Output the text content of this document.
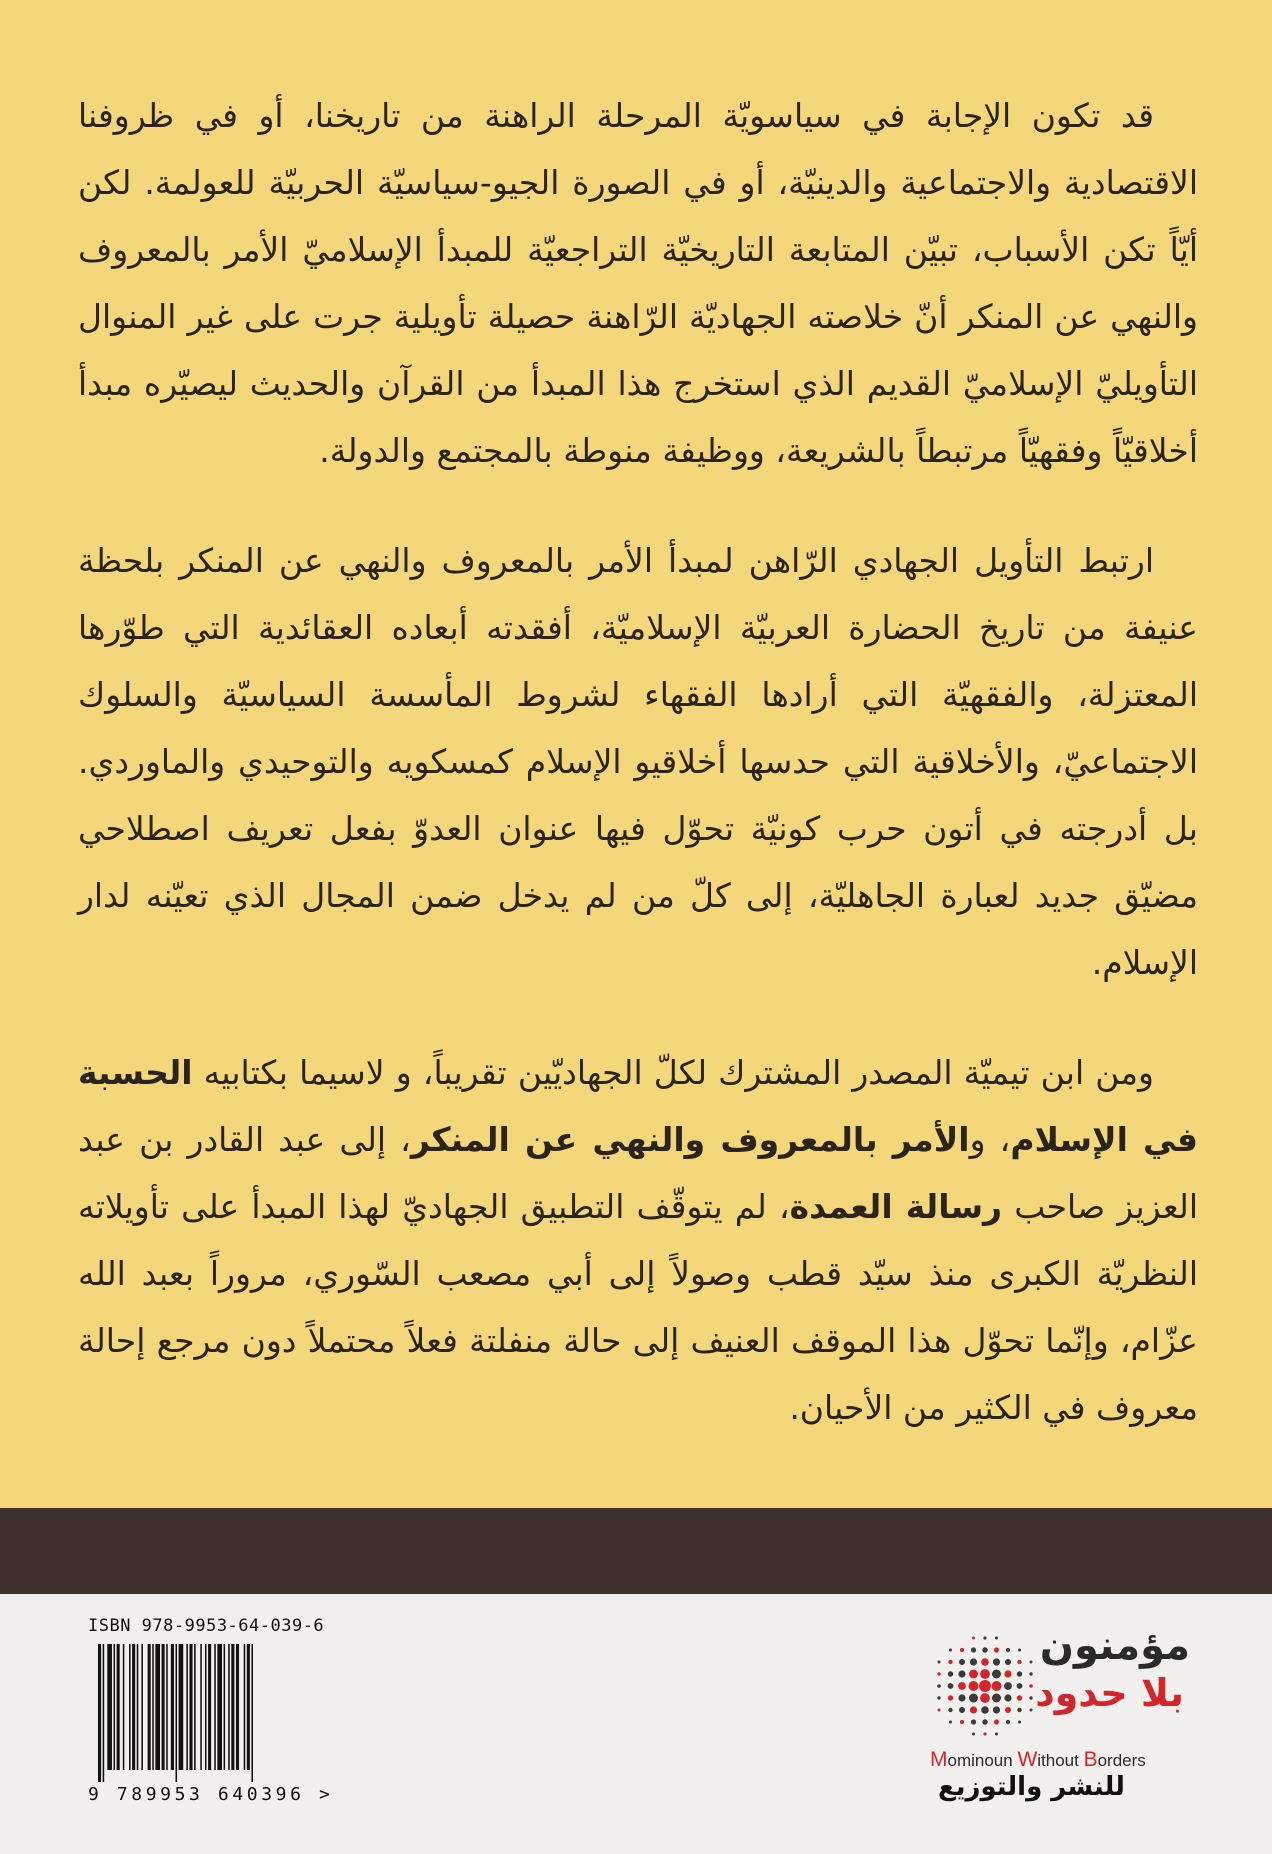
قد تكون الإجابة في سياسويّة المرحلة الراهنة من تاريخنا، أو في ظروفنا الاقتصادية والاجتماعية والدينيّة، أو في الصورة الجيو-سياسيّة الحربيّة للعولمة. لكن أيّاً تكن الأسباب، تبيّن المتابعة التاريخيّة التراجعيّة للمبدأ الإسلاميّ الأمر بالمعروف والنهي عن المنكر أنّ خلاصته الجهاديّة الرّاهنة حصيلة تأويلية جرت على غير المنوال التأويليّ الإسلاميّ القديم الذي استخرج هذا المبدأ من القرآن والحديث ليصيّره مبدأ أخلاقيّاً وفقهيّاً مرتبطاً بالشريعة، ووظيفة منوطة بالمجتمع والدولة.

ارتبط التأويل الجهادي الرّاهن لمبدأ الأمر بالمعروف والنهي عن المنكر بلحظة عنيفة من تاريخ الحضارة العربيّة الإسلاميّة، أفقدته أبعاده العقائدية التي طوّرها المعتزلة، والفقهيّة التي أرادها الفقهاء لشروط المأسسة السياسيّة والسلوك الاجتماعيّ، والأخلاقية التي حدسها أخلاقيو الإسلام كمسكويه والتوحيدي والماوردي. بل أدرجته في أتون حرب كونيّة تحوّل فيها عنوان العدوّ بفعل تعريف اصطلاحي مضيّق جديد لعبارة الجاهليّة، إلى كلّ من لم يدخل ضمن المجال الذي تعيّنه لدار الإسلام.

ومن ابن تيميّة المصدر المشترك لكلّ الجهاديّين تقريباً، و لاسيما بكتابيه الحسبة في الإسلام، والأمر بالمعروف والنهي عن المنكر، إلى عبد القادر بن عبد العزيز صاحب رسالة العمدة، لم يتوقّف التطبيق الجهاديّ لهذا المبدأ على تأويلاته النظريّة الكبرى منذ سيّد قطب وصولاً إلى أبي مصعب السّوري، مروراً بعبد الله عزّام، وإنّما تحوّل هذا الموقف العنيف إلى حالة منفلتة فعلاً محتملاً دون مرجع إحالة معروف في الكثير من الأحيان.

ISBN 978-9953-64-039-6
9 789953 640396 >
مؤمنون
بلا حدود
Mominoun Without Borders
للنشر والتوزيع
